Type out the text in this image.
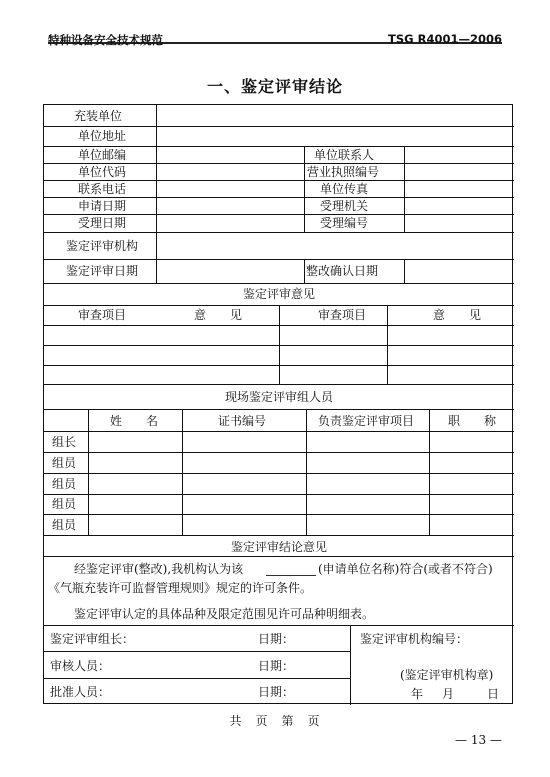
特种设备安全技术规范	TSG R4001—2006
一、鉴定评审结论
充装单位
单位地址
单位邮编	单位联系人
单位代码	营业执照编号
联系电话	单位传真
申请日期	受理机关
受理日期	受理编号
鉴定评审机构
鉴定评审日期	整改确认日期
鉴定评审意见
审查项目	意　　见	审查项目	意　　见
现场鉴定评审组人员
姓　　名	证书编号	负责鉴定评审项目	职　　称
组长
组员
组员
组员
组员
鉴定评审结论意见
经鉴定评审(整改),我机构认为该	(申请单位名称)符合(或者不符合)
《气瓶充装许可监督管理规则》规定的许可条件。
鉴定评审认定的具体品种及限定范围见许可品种明细表。
鉴定评审组长：	日期：
审核人员：	日期：
批准人员：	日期：
鉴定评审机构编号：
(鉴定评审机构章)
年 月	日
共　页　第　页
— 13 —
